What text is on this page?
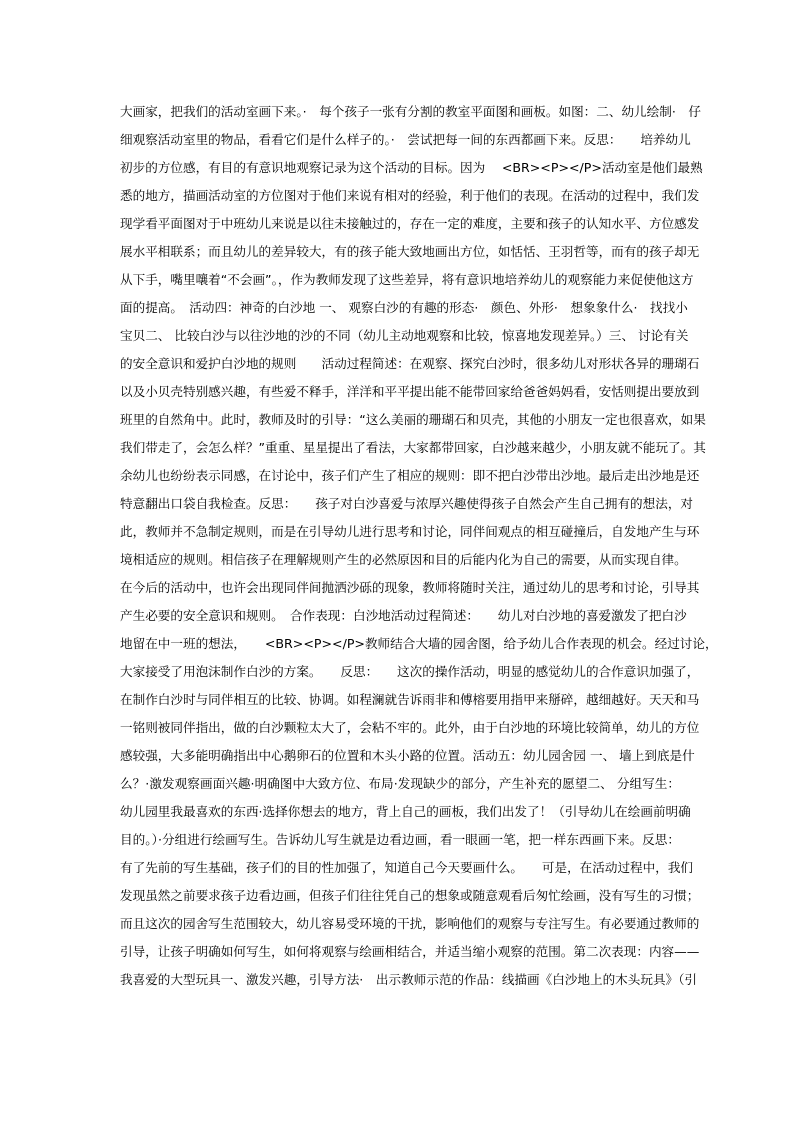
大画家，把我们的活动室画下来。·　每个孩子一张有分割的教室平面图和画板。如图：二、幼儿绘制·　仔
细观察活动室里的物品，看看它们是什么样子的。·　尝试把每一间的东西都画下来。反思：　　培养幼儿
初步的方位感，有目的有意识地观察记录为这个活动的目标。因为　 <BR><P></P>活动室是他们最熟
悉的地方，描画活动室的方位图对于他们来说有相对的经验，利于他们的表现。在活动的过程中，我们发
现学看平面图对于中班幼儿来说是以往未接触过的，存在一定的难度，主要和孩子的认知水平、方位感发
展水平相联系；而且幼儿的差异较大，有的孩子能大致地画出方位，如恬恬、王羽哲等，而有的孩子却无
从下手，嘴里嚷着“不会画”。，作为教师发现了这些差异，将有意识地培养幼儿的观察能力来促使他这方
面的提高。　活动四：神奇的白沙地 一、 观察白沙的有趣的形态·　颜色、外形·　想象象什么·　找找小
宝贝二、 比较白沙与以往沙地的沙的不同（幼儿主动地观察和比较，惊喜地发现差异。）三、 讨论有关
的安全意识和爱护白沙地的规则　　活动过程简述：在观察、探究白沙时，很多幼儿对形状各异的珊瑚石
以及小贝壳特别感兴趣，有些爱不释手，洋洋和平平提出能不能带回家给爸爸妈妈看，安恬则提出要放到
班里的自然角中。此时，教师及时的引导：“这么美丽的珊瑚石和贝壳，其他的小朋友一定也很喜欢，如果
我们带走了，会怎么样？”重重、星星提出了看法，大家都带回家，白沙越来越少，小朋友就不能玩了。其
余幼儿也纷纷表示同感，在讨论中，孩子们产生了相应的规则：即不把白沙带出沙地。最后走出沙地是还
特意翻出口袋自我检查。反思：　　孩子对白沙喜爱与浓厚兴趣使得孩子自然会产生自己拥有的想法，对
此，教师并不急制定规则，而是在引导幼儿进行思考和讨论，同伴间观点的相互碰撞后，自发地产生与环
境相适应的规则。相信孩子在理解规则产生的必然原因和目的后能内化为自己的需要，从而实现自律。
在今后的活动中，也许会出现同伴间抛洒沙砾的现象，教师将随时关注，通过幼儿的思考和讨论，引导其
产生必要的安全意识和规则。　合作表现：白沙地活动过程简述：　　幼儿对白沙地的喜爱激发了把白沙
地留在中一班的想法，　　<BR><P></P>教师结合大墙的园舍图，给予幼儿合作表现的机会。经过讨论，
大家接受了用泡沫制作白沙的方案。　　反思：　　这次的操作活动，明显的感觉幼儿的合作意识加强了，
在制作白沙时与同伴相互的比较、协调。如程澜就告诉雨非和傅榕要用指甲来掰碎，越细越好。天天和马
一铭则被同伴指出，做的白沙颗粒太大了，会粘不牢的。此外，由于白沙地的环境比较简单，幼儿的方位
感较强，大多能明确指出中心鹅卵石的位置和木头小路的位置。活动五：幼儿园舍园 一、 墙上到底是什
么？·激发观察画面兴趣·明确图中大致方位、布局·发现缺少的部分，产生补充的愿望二、 分组写生：
幼儿园里我最喜欢的东西·选择你想去的地方，背上自己的画板，我们出发了！（引导幼儿在绘画前明确
目的。）·分组进行绘画写生。告诉幼儿写生就是边看边画，看一眼画一笔，把一样东西画下来。反思：
有了先前的写生基础，孩子们的目的性加强了，知道自己今天要画什么。　　可是，在活动过程中，我们
发现虽然之前要求孩子边看边画，但孩子们往往凭自己的想象或随意观看后匆忙绘画，没有写生的习惯；
而且这次的园舍写生范围较大，幼儿容易受环境的干扰，影响他们的观察与专注写生。有必要通过教师的
引导，让孩子明确如何写生，如何将观察与绘画相结合，并适当缩小观察的范围。第二次表现：内容——
我喜爱的大型玩具一、激发兴趣，引导方法·　出示教师示范的作品：线描画《白沙地上的木头玩具》（引
